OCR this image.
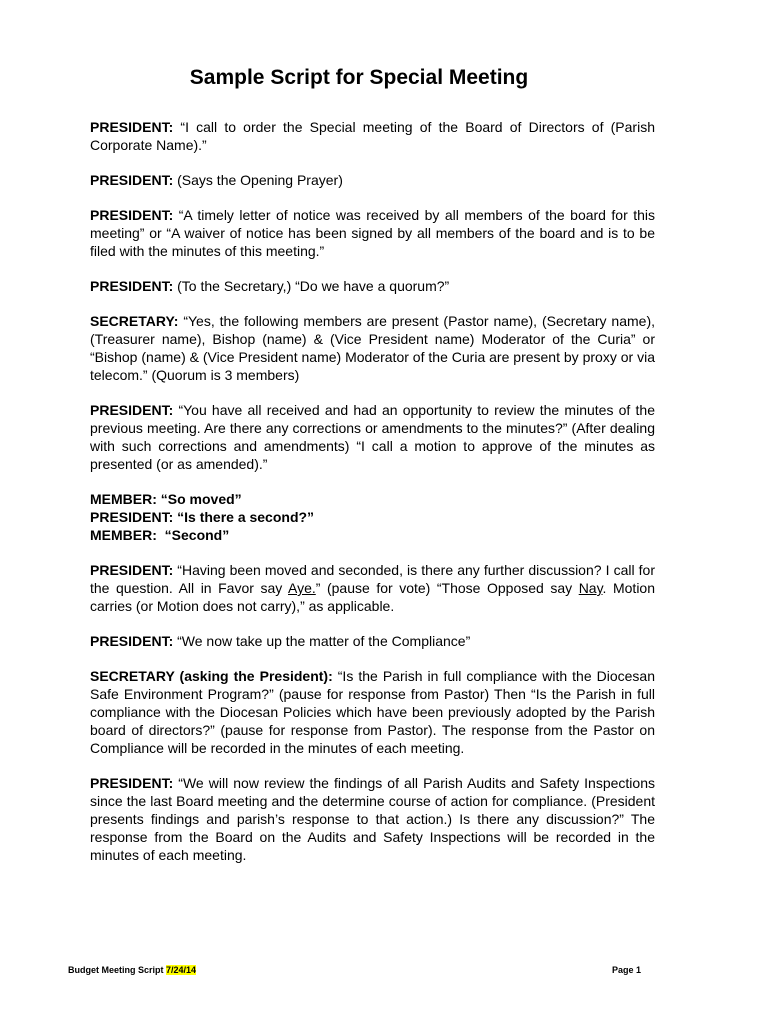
Sample Script for Special Meeting

PRESIDENT: “I call to order the Special meeting of the Board of Directors of (Parish Corporate Name).”

PRESIDENT: (Says the Opening Prayer)

PRESIDENT: “A timely letter of notice was received by all members of the board for this meeting” or “A waiver of notice has been signed by all members of the board and is to be filed with the minutes of this meeting.”

PRESIDENT: (To the Secretary,) “Do we have a quorum?”

SECRETARY: “Yes, the following members are present (Pastor name), (Secretary name), (Treasurer name), Bishop (name) & (Vice President name) Moderator of the Curia” or “Bishop (name) & (Vice President name) Moderator of the Curia are present by proxy or via telecom.” (Quorum is 3 members)

PRESIDENT: “You have all received and had an opportunity to review the minutes of the previous meeting. Are there any corrections or amendments to the minutes?” (After dealing with such corrections and amendments) “I call a motion to approve of the minutes as presented (or as amended).”

MEMBER: “So moved”
PRESIDENT: “Is there a second?”
MEMBER:  “Second”

PRESIDENT: “Having been moved and seconded, is there any further discussion? I call for the question. All in Favor say Aye.” (pause for vote) “Those Opposed say Nay. Motion carries (or Motion does not carry),” as applicable.

PRESIDENT: “We now take up the matter of the Compliance”

SECRETARY (asking the President): “Is the Parish in full compliance with the Diocesan Safe Environment Program?” (pause for response from Pastor) Then “Is the Parish in full compliance with the Diocesan Policies which have been previously adopted by the Parish board of directors?” (pause for response from Pastor). The response from the Pastor on Compliance will be recorded in the minutes of each meeting.

PRESIDENT: “We will now review the findings of all Parish Audits and Safety Inspections since the last Board meeting and the determine course of action for compliance. (President presents findings and parish’s response to that action.) Is there any discussion?” The response from the Board on the Audits and Safety Inspections will be recorded in the minutes of each meeting.

Budget Meeting Script 7/24/14	Page 1
